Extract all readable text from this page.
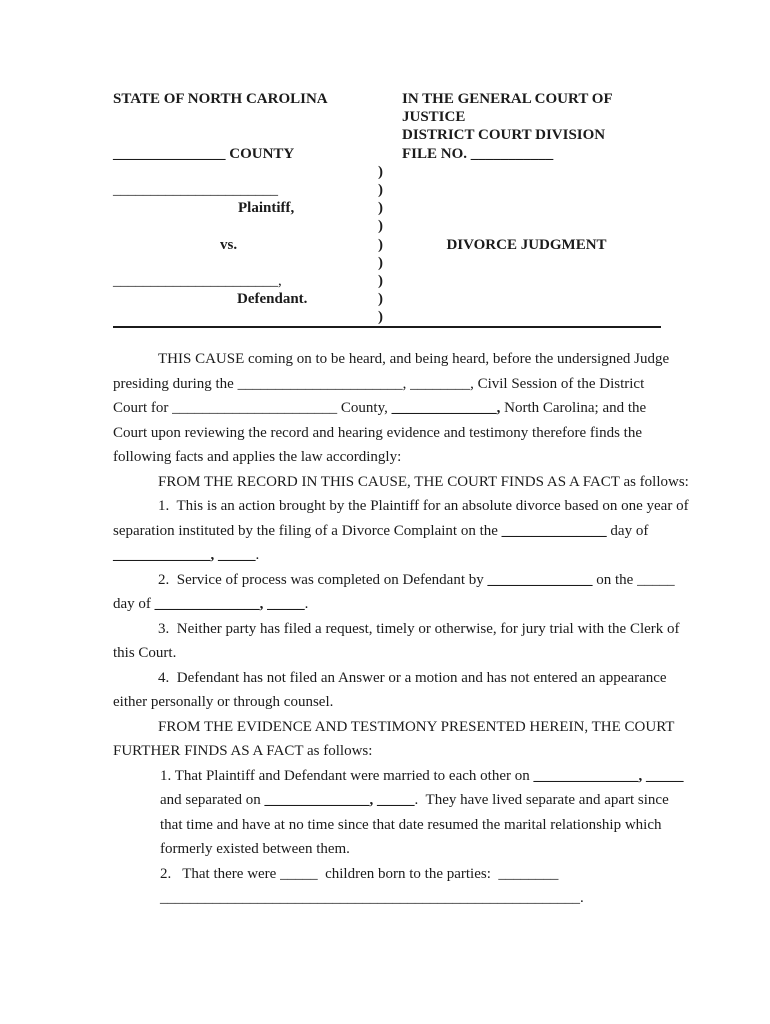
STATE OF NORTH CAROLINA
_______________ COUNTY
IN THE GENERAL COURT OF
JUSTICE
DISTRICT COURT DIVISION
FILE NO. ___________
______________________
Plaintiff,
vs.
______________________,
Defendant.
)
)
)
)
)
)
)
)
)
DIVORCE JUDGMENT
THIS CAUSE coming on to be heard, and being heard, before the undersigned Judge
presiding during the ______________________, ________, Civil Session of the District
Court for ______________________ County, ______________, North Carolina; and the
Court upon reviewing the record and hearing evidence and testimony therefore finds the
following facts and applies the law accordingly:
FROM THE RECORD IN THIS CAUSE, THE COURT FINDS AS A FACT as follows:
1.  This is an action brought by the Plaintiff for an absolute divorce based on one year of
separation instituted by the filing of a Divorce Complaint on the ______________ day of
_____________, _____.
2.  Service of process was completed on Defendant by ______________ on the _____
day of ______________, _____.
3.  Neither party has filed a request, timely or otherwise, for jury trial with the Clerk of
this Court.
4.  Defendant has not filed an Answer or a motion and has not entered an appearance
either personally or through counsel.
FROM THE EVIDENCE AND TESTIMONY PRESENTED HEREIN, THE COURT
FURTHER FINDS AS A FACT as follows:
1. That Plaintiff and Defendant were married to each other on ______________, _____
and separated on ______________, _____.  They have lived separate and apart since
that time and have at no time since that date resumed the marital relationship which
formerly existed between them.
2.   That there were _____  children born to the parties:  ________
________________________________________________________.
